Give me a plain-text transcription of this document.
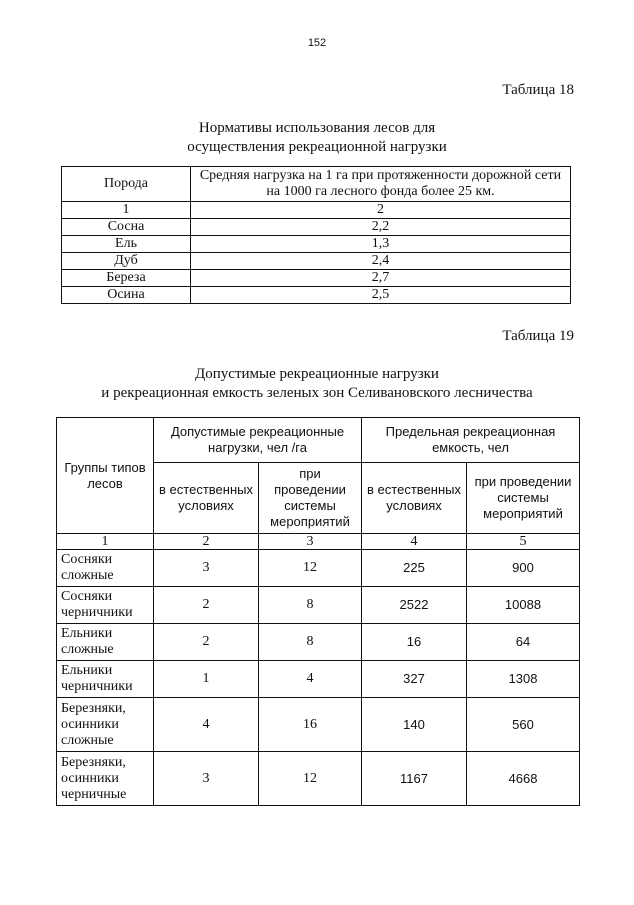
152
Таблица 18
Нормативы использования лесов для
осуществления рекреационной нагрузки
Порода	Средняя нагрузка на 1 га при протяженности дорожной сети на 1000 га лесного фонда более 25 км.
1	2
Сосна	2,2
Ель	1,3
Дуб	2,4
Береза	2,7
Осина	2,5
Таблица 19
Допустимые рекреационные нагрузки
и рекреационная емкость зеленых зон Селивановского лесничества
Группы типов лесов	Допустимые рекреационные нагрузки, чел /га		Предельная рекреационная емкость, чел	
	в естественных условиях	при проведении системы мероприятий	в естественных условиях	при проведении системы мероприятий
1	2	3	4	5
Сосняки сложные	3	12	225	900
Сосняки черничники	2	8	2522	10088
Ельники сложные	2	8	16	64
Ельники черничники	1	4	327	1308
Березняки, осинники сложные	4	16	140	560
Березняки, осинники черничные	3	12	1167	4668
